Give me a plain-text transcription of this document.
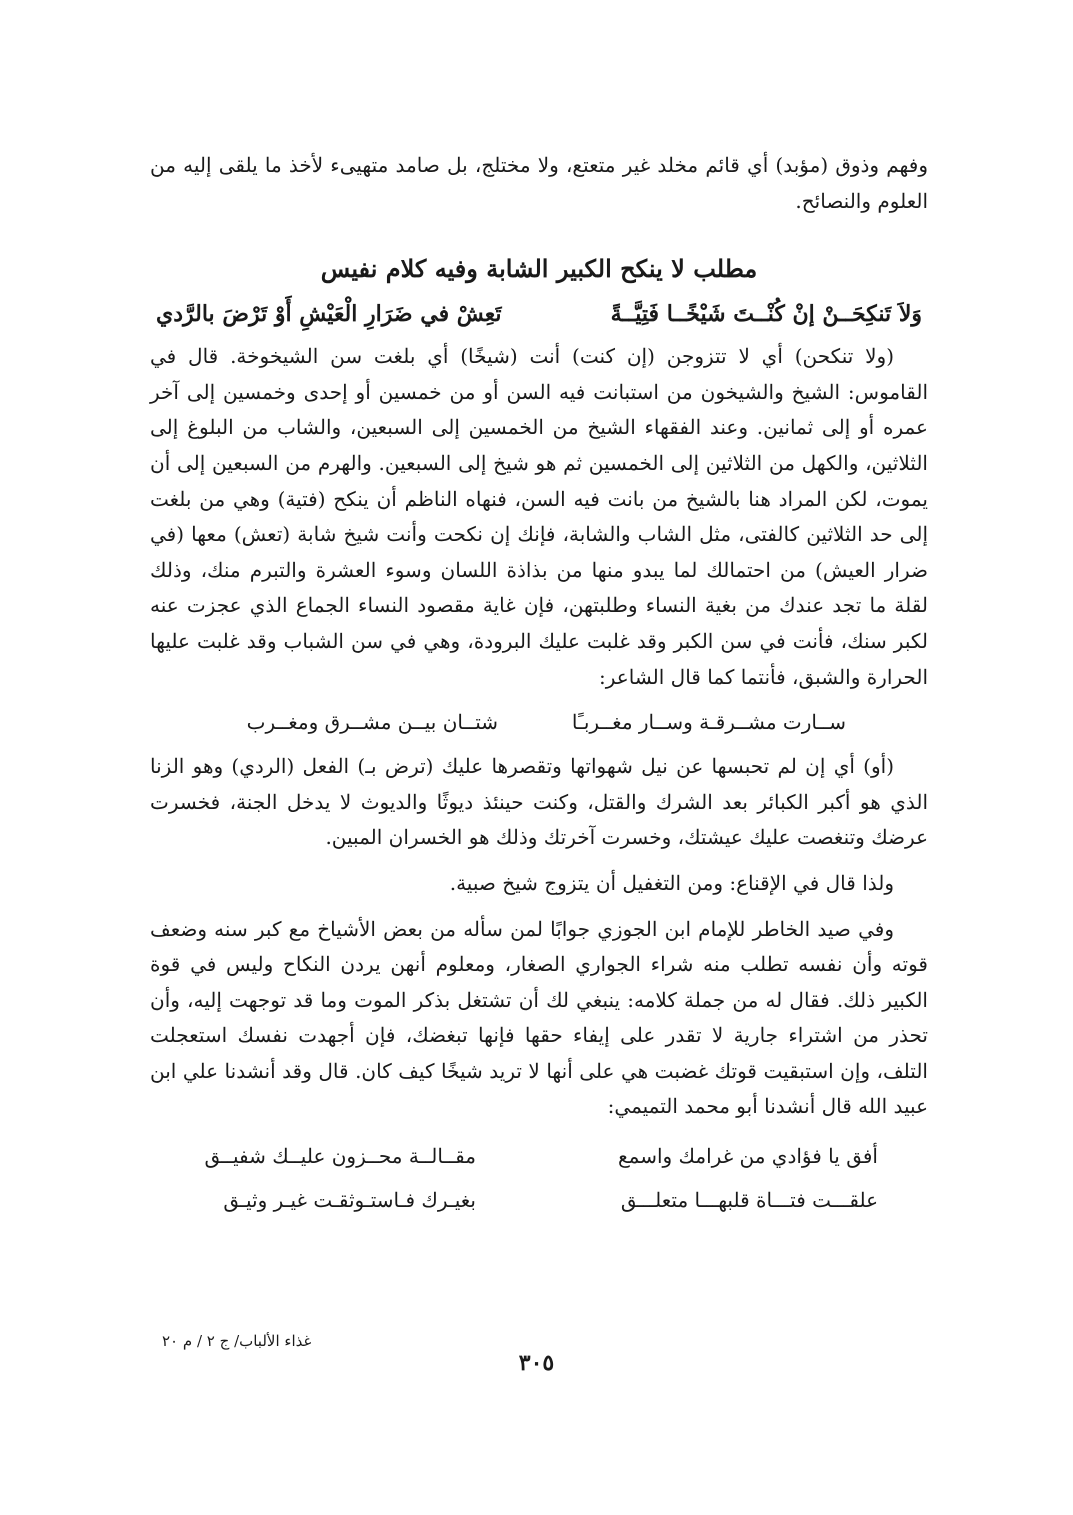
وفهم وذوق (مؤبد) أي قائم مخلد غير متعتع، ولا مختلج، بل صامد متهيىء لأخذ ما يلقى إليه من العلوم والنصائح.

مطلب لا ينكح الكبير الشابة وفيه كلام نفيس

وَلاَ تَنكِحَــنْ إنْ كُنْــتَ شَيْخًــا فَتِيَّــةً
تَعِشْ في ضَرَارِ الْعَيْشِ أَوْ تَرْضَ بالرَّدي

(ولا تنكحن) أي لا تتزوجن (إن كنت) أنت (شيخًا) أي بلغت سن الشيخوخة. قال في القاموس: الشيخ والشيخون من استبانت فيه السن أو من خمسين أو إحدى وخمسين إلى آخر عمره أو إلى ثمانين. وعند الفقهاء الشيخ من الخمسين إلى السبعين، والشاب من البلوغ إلى الثلاثين، والكهل من الثلاثين إلى الخمسين ثم هو شيخ إلى السبعين. والهرم من السبعين إلى أن يموت، لكن المراد هنا بالشيخ من بانت فيه السن، فنهاه الناظم أن ينكح (فتية) وهي من بلغت إلى حد الثلاثين كالفتى، مثل الشاب والشابة، فإنك إن نكحت وأنت شيخ شابة (تعش) معها (في ضرار العيش) من احتمالك لما يبدو منها من بذاذة اللسان وسوء العشرة والتبرم منك، وذلك لقلة ما تجد عندك من بغية النساء وطلبتهن، فإن غاية مقصود النساء الجماع الذي عجزت عنه لكبر سنك، فأنت في سن الكبر وقد غلبت عليك البرودة، وهي في سن الشباب وقد غلبت عليها الحرارة والشبق، فأنتما كما قال الشاعر:

ســارت مشــرقـة وســار مغــربـًا
شتــان بيــن مشــرق ومغــرب

(أو) أي إن لم تحبسها عن نيل شهواتها وتقصرها عليك (ترض بـ) الفعل (الردي) وهو الزنا الذي هو أكبر الكبائر بعد الشرك والقتل، وكنت حينئذ ديوثًا والديوث لا يدخل الجنة، فخسرت عرضك وتنغصت عليك عيشتك، وخسرت آخرتك وذلك هو الخسران المبين.

ولذا قال في الإقناع: ومن التغفيل أن يتزوج شيخ صبية.

وفي صيد الخاطر للإمام ابن الجوزي جوابًا لمن سأله من بعض الأشياخ مع كبر سنه وضعف قوته وأن نفسه تطلب منه شراء الجواري الصغار، ومعلوم أنهن يردن النكاح وليس في قوة الكبير ذلك. فقال له من جملة كلامه: ينبغي لك أن تشتغل بذكر الموت وما قد توجهت إليه، وأن تحذر من اشتراء جارية لا تقدر على إيفاء حقها فإنها تبغضك، فإن أجهدت نفسك استعجلت التلف، وإن استبقيت قوتك غضبت هي على أنها لا تريد شيخًا كيف كان. قال وقد أنشدنا علي ابن عبيد الله قال أنشدنا أبو محمد التميمي:

أفق يا فؤادي من غرامك واسمع
مقــالــة محــزون عليــك شفيــق
علقـــت فتـــاة قلبهـــا متعلـــق
بغيـرك فـاستـوثقـت غيـر وثيـق
غذاء الألباب/ ج ٢ / م ٢٠
٣٠٥
